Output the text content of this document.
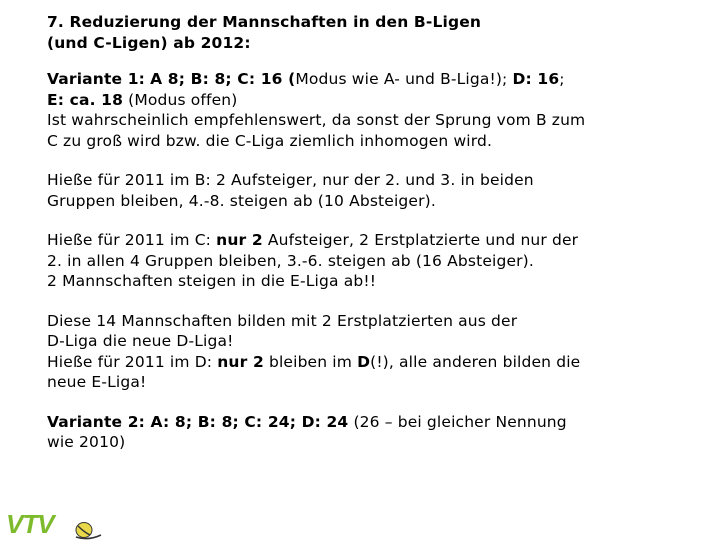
7. Reduzierung der Mannschaften in den B-Ligen
(und C-Ligen) ab 2012:
Variante 1: A 8; B: 8; C: 16 (Modus wie A- und B-Liga!); D: 16;
E: ca. 18 (Modus offen)
Ist wahrscheinlich empfehlenswert, da sonst der Sprung vom B zum
C zu groß wird bzw. die C-Liga ziemlich inhomogen wird.
Hieße für 2011 im B: 2 Aufsteiger, nur der 2. und 3. in beiden
Gruppen bleiben, 4.-8. steigen ab (10 Absteiger).
Hieße für 2011 im C: nur 2 Aufsteiger, 2 Erstplatzierte und nur der
2. in allen 4 Gruppen bleiben, 3.-6. steigen ab (16 Absteiger).
2 Mannschaften steigen in die E-Liga ab!!
Diese 14 Mannschaften bilden mit 2 Erstplatzierten aus der
D-Liga die neue D-Liga!
Hieße für 2011 im D: nur 2 bleiben im D(!), alle anderen bilden die
neue E-Liga!
Variante 2: A: 8; B: 8; C: 24; D: 24 (26 – bei gleicher Nennung
wie 2010)
VTV
